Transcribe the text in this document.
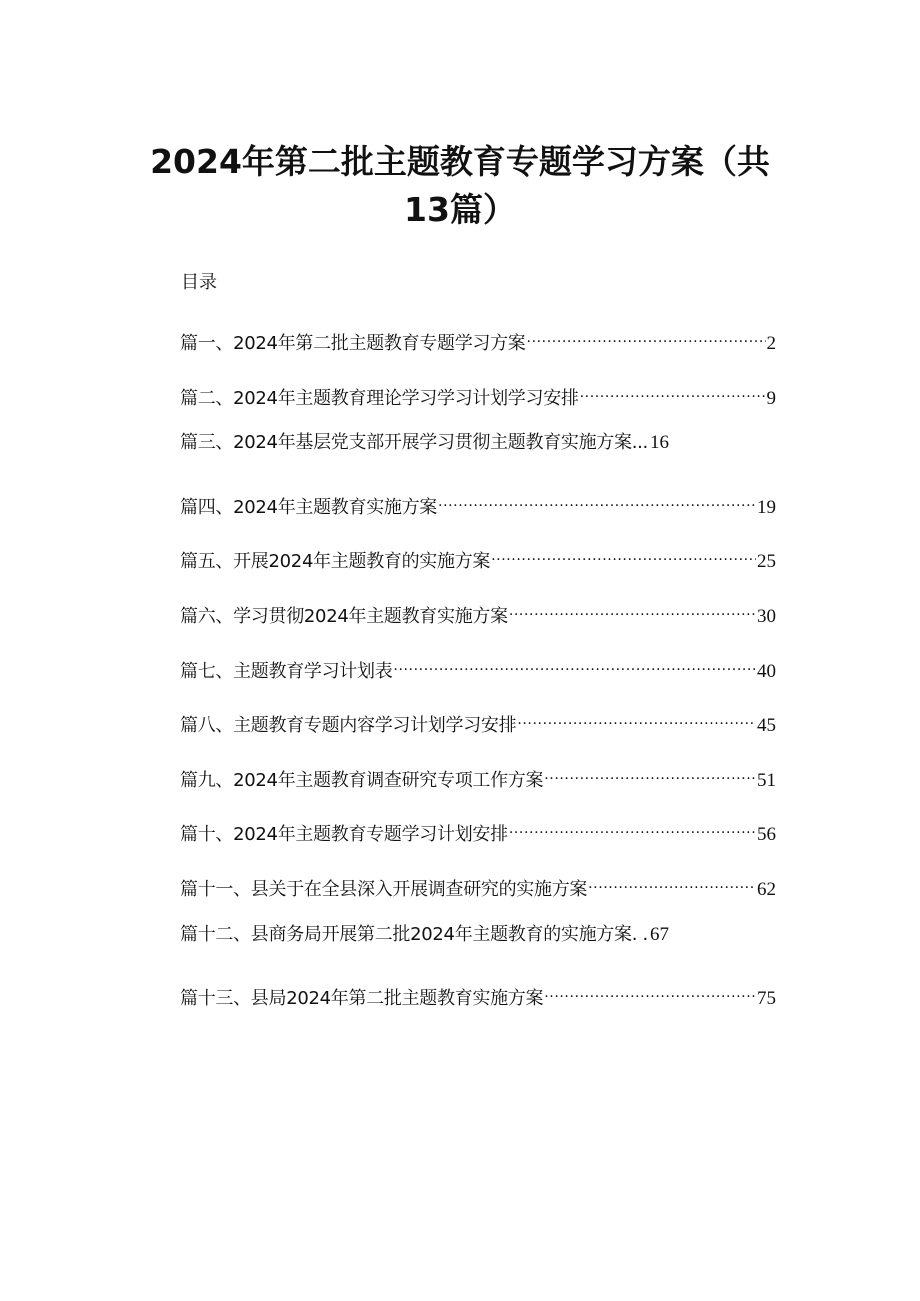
2024年第二批主题教育专题学习方案（共13篇）
目录
篇一、2024年第二批主题教育专题学习方案 .....	2
篇二、2024年主题教育理论学习学习计划学习安排 .....	9
篇三、2024年基层党支部开展学习贯彻主题教育实施方案... 16
篇四、2024年主题教育实施方案 .....	19
篇五、开展2024年主题教育的实施方案 .....	25
篇六、学习贯彻2024年主题教育实施方案 .....	30
篇七、主题教育学习计划表 .....	40
篇八、主题教育专题内容学习计划学习安排 .....	45
篇九、2024年主题教育调查研究专项工作方案 .....	51
篇十、2024年主题教育专题学习计划安排 .....	56
篇十一、县关于在全县深入开展调查研究的实施方案 .....	62
篇十二、县商务局开展第二批2024年主题教育的实施方案. . 67
篇十三、县局2024年第二批主题教育实施方案 .....	75
